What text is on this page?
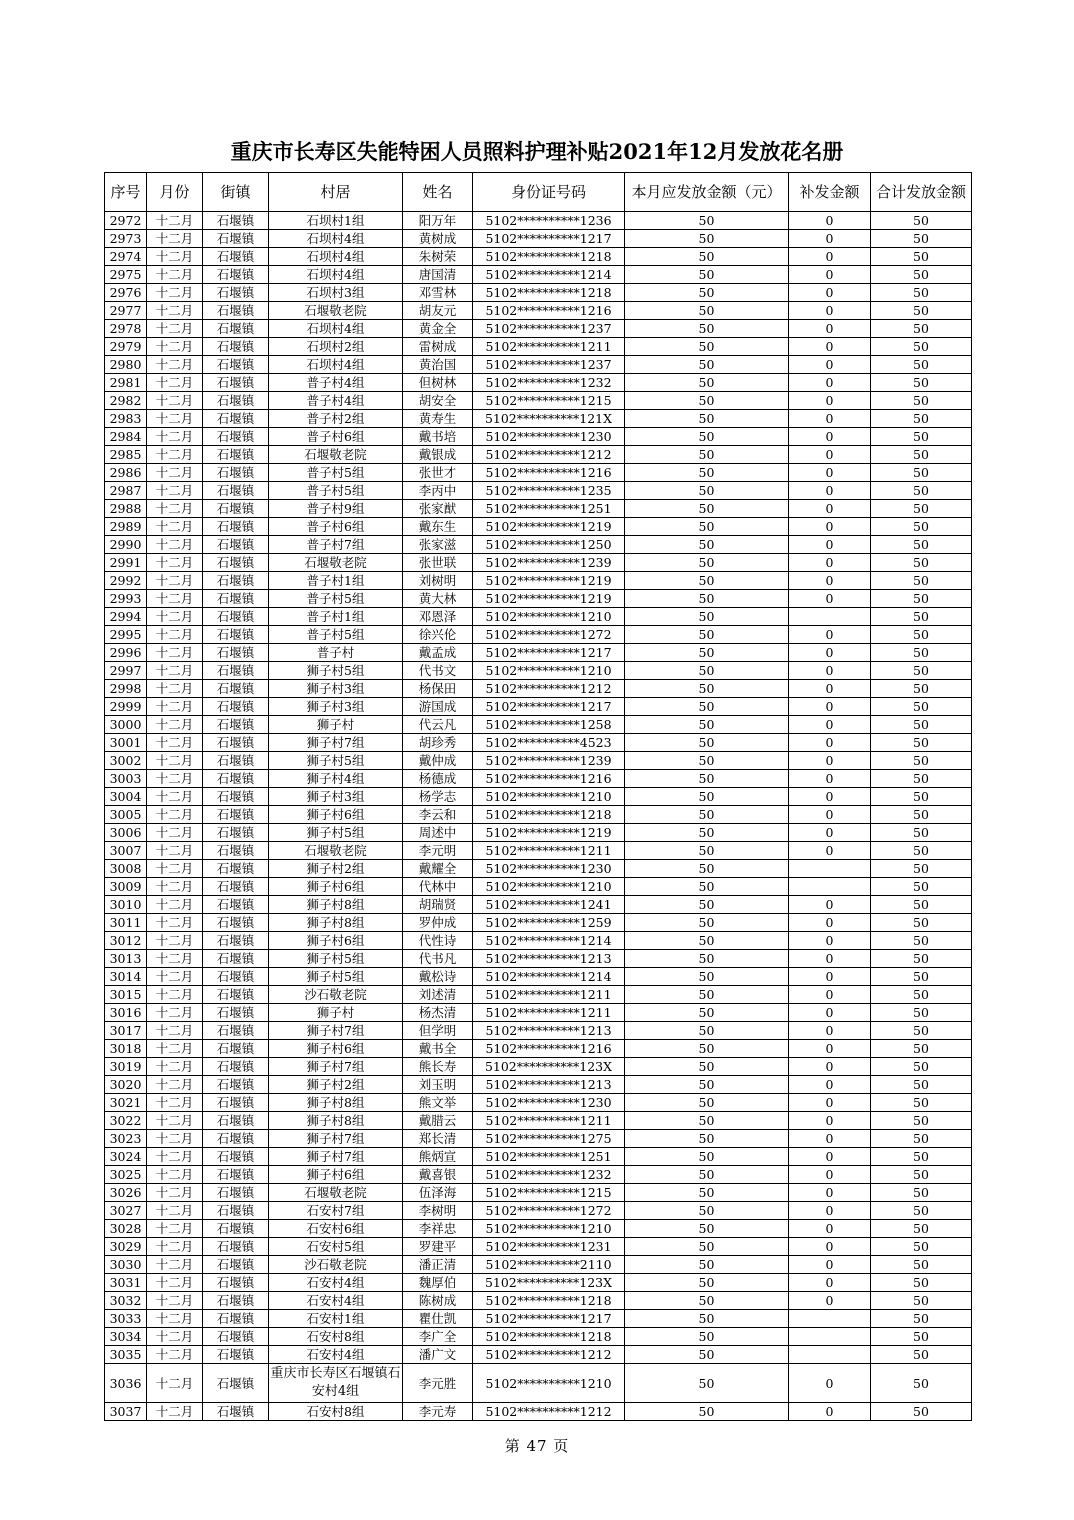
重庆市长寿区失能特困人员照料护理补贴2021年12月发放花名册
序号	月份	街镇	村居	姓名	身份证号码	本月应发放金额（元）	补发金额	合计发放金额
2972	十二月	石堰镇	石坝村1组	阳万年	5102**********1236	50	0	50
2973	十二月	石堰镇	石坝村4组	黄树成	5102**********1217	50	0	50
2974	十二月	石堰镇	石坝村4组	朱树荣	5102**********1218	50	0	50
2975	十二月	石堰镇	石坝村4组	唐国清	5102**********1214	50	0	50
2976	十二月	石堰镇	石坝村3组	邓雪林	5102**********1218	50	0	50
2977	十二月	石堰镇	石堰敬老院	胡友元	5102**********1216	50	0	50
2978	十二月	石堰镇	石坝村4组	黄金全	5102**********1237	50	0	50
2979	十二月	石堰镇	石坝村2组	雷树成	5102**********1211	50	0	50
2980	十二月	石堰镇	石坝村4组	黄治国	5102**********1237	50	0	50
2981	十二月	石堰镇	普子村4组	但树林	5102**********1232	50	0	50
2982	十二月	石堰镇	普子村4组	胡安全	5102**********1215	50	0	50
2983	十二月	石堰镇	普子村2组	黄寿生	5102**********121X	50	0	50
2984	十二月	石堰镇	普子村6组	戴书培	5102**********1230	50	0	50
2985	十二月	石堰镇	石堰敬老院	戴银成	5102**********1212	50	0	50
2986	十二月	石堰镇	普子村5组	张世才	5102**********1216	50	0	50
2987	十二月	石堰镇	普子村5组	李丙中	5102**********1235	50	0	50
2988	十二月	石堰镇	普子村9组	张家猷	5102**********1251	50	0	50
2989	十二月	石堰镇	普子村6组	戴东生	5102**********1219	50	0	50
2990	十二月	石堰镇	普子村7组	张家滋	5102**********1250	50	0	50
2991	十二月	石堰镇	石堰敬老院	张世联	5102**********1239	50	0	50
2992	十二月	石堰镇	普子村1组	刘树明	5102**********1219	50	0	50
2993	十二月	石堰镇	普子村5组	黄大林	5102**********1219	50	0	50
2994	十二月	石堰镇	普子村1组	邓恩泽	5102**********1210	50		50
2995	十二月	石堰镇	普子村5组	徐兴伦	5102**********1272	50	0	50
2996	十二月	石堰镇	普子村	戴孟成	5102**********1217	50	0	50
2997	十二月	石堰镇	狮子村5组	代书文	5102**********1210	50	0	50
2998	十二月	石堰镇	狮子村3组	杨保田	5102**********1212	50	0	50
2999	十二月	石堰镇	狮子村3组	游国成	5102**********1217	50	0	50
3000	十二月	石堰镇	狮子村	代云凡	5102**********1258	50	0	50
3001	十二月	石堰镇	狮子村7组	胡珍秀	5102**********4523	50	0	50
3002	十二月	石堰镇	狮子村5组	戴仲成	5102**********1239	50	0	50
3003	十二月	石堰镇	狮子村4组	杨德成	5102**********1216	50	0	50
3004	十二月	石堰镇	狮子村3组	杨学志	5102**********1210	50	0	50
3005	十二月	石堰镇	狮子村6组	李云和	5102**********1218	50	0	50
3006	十二月	石堰镇	狮子村5组	周述中	5102**********1219	50	0	50
3007	十二月	石堰镇	石堰敬老院	李元明	5102**********1211	50	0	50
3008	十二月	石堰镇	狮子村2组	戴耀全	5102**********1230	50		50
3009	十二月	石堰镇	狮子村6组	代林中	5102**********1210	50		50
3010	十二月	石堰镇	狮子村8组	胡瑞贤	5102**********1241	50	0	50
3011	十二月	石堰镇	狮子村8组	罗仲成	5102**********1259	50	0	50
3012	十二月	石堰镇	狮子村6组	代性诗	5102**********1214	50	0	50
3013	十二月	石堰镇	狮子村5组	代书凡	5102**********1213	50	0	50
3014	十二月	石堰镇	狮子村5组	戴松诗	5102**********1214	50	0	50
3015	十二月	石堰镇	沙石敬老院	刘述清	5102**********1211	50	0	50
3016	十二月	石堰镇	狮子村	杨杰清	5102**********1211	50	0	50
3017	十二月	石堰镇	狮子村7组	但学明	5102**********1213	50	0	50
3018	十二月	石堰镇	狮子村6组	戴书全	5102**********1216	50	0	50
3019	十二月	石堰镇	狮子村7组	熊长寿	5102**********123X	50	0	50
3020	十二月	石堰镇	狮子村2组	刘玉明	5102**********1213	50	0	50
3021	十二月	石堰镇	狮子村8组	熊文举	5102**********1230	50	0	50
3022	十二月	石堰镇	狮子村8组	戴腊云	5102**********1211	50	0	50
3023	十二月	石堰镇	狮子村7组	郑长清	5102**********1275	50	0	50
3024	十二月	石堰镇	狮子村7组	熊炳宣	5102**********1251	50	0	50
3025	十二月	石堰镇	狮子村6组	戴喜银	5102**********1232	50	0	50
3026	十二月	石堰镇	石堰敬老院	伍泽海	5102**********1215	50	0	50
3027	十二月	石堰镇	石安村7组	李树明	5102**********1272	50	0	50
3028	十二月	石堰镇	石安村6组	李祥忠	5102**********1210	50	0	50
3029	十二月	石堰镇	石安村5组	罗建平	5102**********1231	50	0	50
3030	十二月	石堰镇	沙石敬老院	潘正清	5102**********2110	50	0	50
3031	十二月	石堰镇	石安村4组	魏厚伯	5102**********123X	50	0	50
3032	十二月	石堰镇	石安村4组	陈树成	5102**********1218	50	0	50
3033	十二月	石堰镇	石安村1组	瞿仕凯	5102**********1217	50		50
3034	十二月	石堰镇	石安村8组	李广全	5102**********1218	50		50
3035	十二月	石堰镇	石安村4组	潘广文	5102**********1212	50		50
3036	十二月	石堰镇	重庆市长寿区石堰镇石安村4组	李元胜	5102**********1210	50	0	50
3037	十二月	石堰镇	石安村8组	李元寿	5102**********1212	50	0	50
第 47 页
